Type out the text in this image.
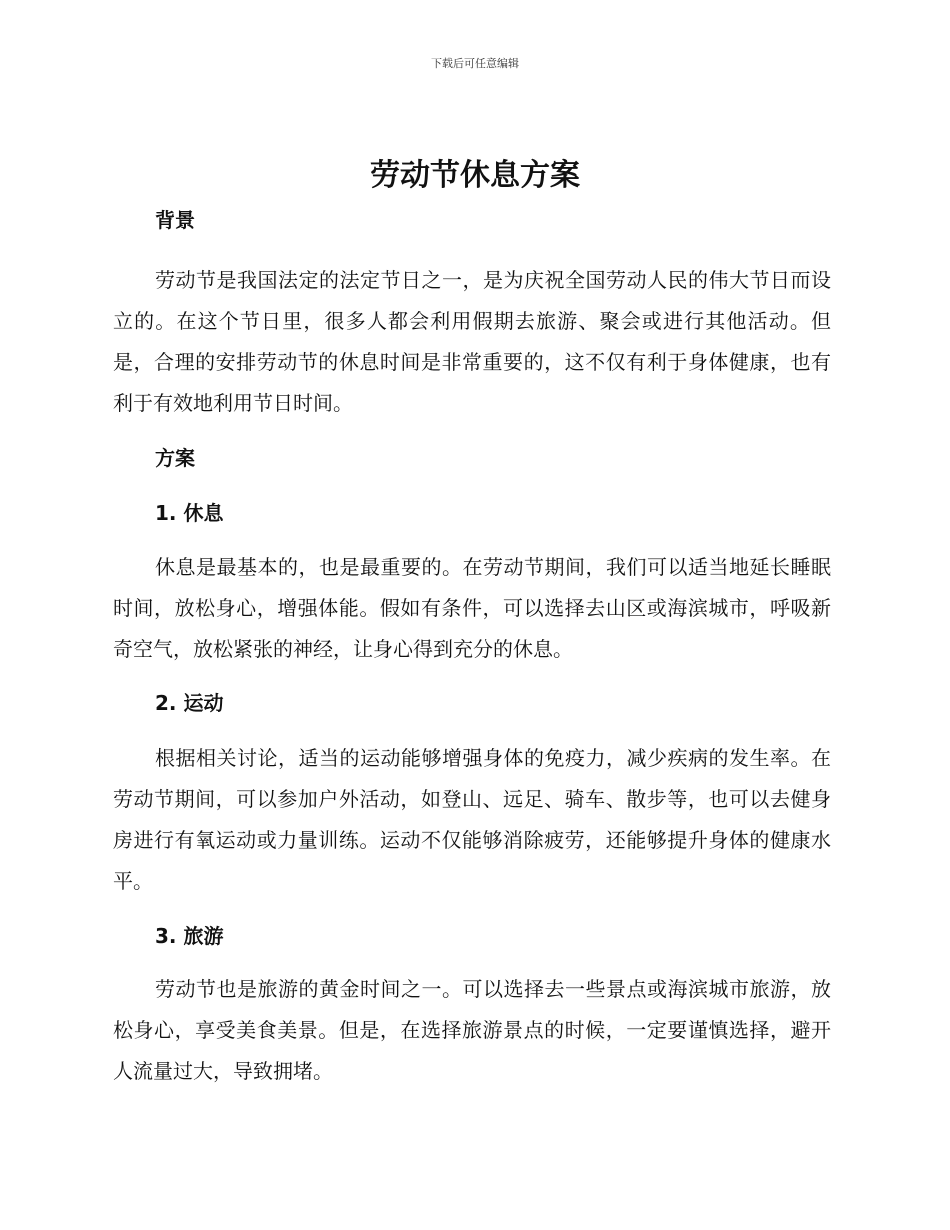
下载后可任意编辑
劳动节休息方案

背景

劳动节是我国法定的法定节日之一，是为庆祝全国劳动人民的伟大节日而设立的。在这个节日里，很多人都会利用假期去旅游、聚会或进行其他活动。但是，合理的安排劳动节的休息时间是非常重要的，这不仅有利于身体健康，也有利于有效地利用节日时间。

方案

1. 休息

休息是最基本的，也是最重要的。在劳动节期间，我们可以适当地延长睡眠时间，放松身心，增强体能。假如有条件，可以选择去山区或海滨城市，呼吸新奇空气，放松紧张的神经，让身心得到充分的休息。

2. 运动

根据相关讨论，适当的运动能够增强身体的免疫力，减少疾病的发生率。在劳动节期间，可以参加户外活动，如登山、远足、骑车、散步等，也可以去健身房进行有氧运动或力量训练。运动不仅能够消除疲劳，还能够提升身体的健康水平。

3. 旅游

劳动节也是旅游的黄金时间之一。可以选择去一些景点或海滨城市旅游，放松身心，享受美食美景。但是，在选择旅游景点的时候，一定要谨慎选择，避开人流量过大，导致拥堵。
